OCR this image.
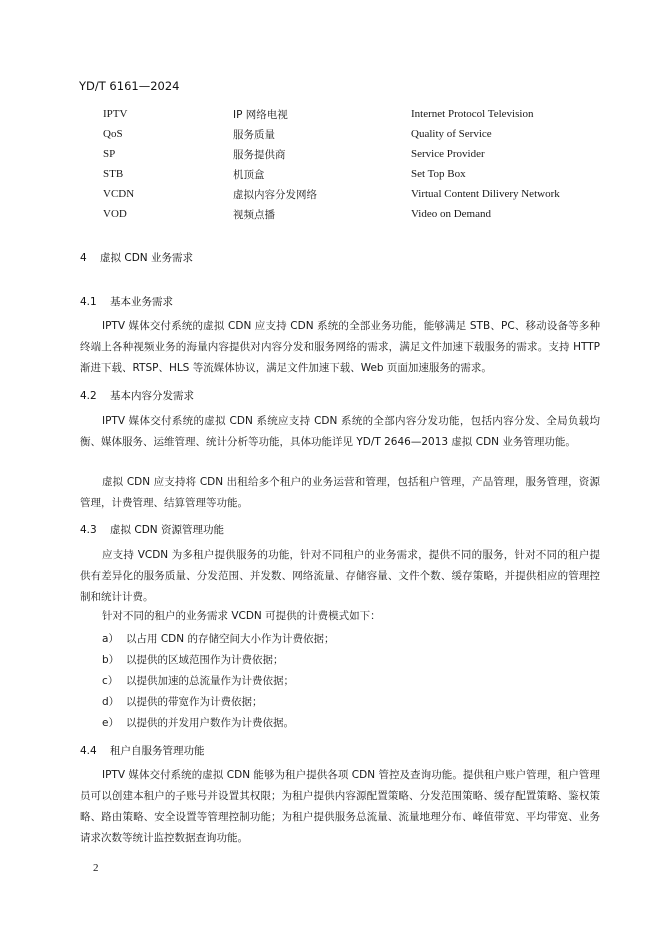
YD/T 6161—2024
IPTV	IP 网络电视	Internet Protocol Television
QoS	服务质量	Quality of Service
SP	服务提供商	Service Provider
STB	机顶盒	Set Top Box
VCDN	虚拟内容分发网络	Virtual Content Dilivery Network
VOD	视频点播	Video on Demand
4 虚拟 CDN 业务需求
4.1 基本业务需求

IPTV 媒体交付系统的虚拟 CDN 应支持 CDN 系统的全部业务功能，能够满足 STB、PC、移动设备等多种终端上各种视频业务的海量内容提供对内容分发和服务网络的需求，满足文件加速下载服务的需求。支持 HTTP 渐进下载、RTSP、HLS 等流媒体协议，满足文件加速下载、Web 页面加速服务的需求。

4.2 基本内容分发需求

IPTV 媒体交付系统的虚拟 CDN 系统应支持 CDN 系统的全部内容分发功能，包括内容分发、全局负载均衡、媒体服务、运维管理、统计分析等功能，具体功能详见 YD/T 2646—2013 虚拟 CDN 业务管理功能。

虚拟 CDN 应支持将 CDN 出租给多个租户的业务运营和管理，包括租户管理，产品管理，服务管理，资源管理，计费管理、结算管理等功能。

4.3 虚拟 CDN 资源管理功能

应支持 VCDN 为多租户提供服务的功能，针对不同租户的业务需求，提供不同的服务，针对不同的租户提供有差异化的服务质量、分发范围、并发数、网络流量、存储容量、文件个数、缓存策略，并提供相应的管理控制和统计计费。

针对不同的租户的业务需求 VCDN 可提供的计费模式如下：

a） 以占用 CDN 的存储空间大小作为计费依据；
b） 以提供的区域范围作为计费依据；
c） 以提供加速的总流量作为计费依据；
d） 以提供的带宽作为计费依据；
e） 以提供的并发用户数作为计费依据。
4.4 租户自服务管理功能

IPTV 媒体交付系统的虚拟 CDN 能够为租户提供各项 CDN 管控及查询功能。提供租户账户管理，租户管理员可以创建本租户的子账号并设置其权限；为租户提供内容源配置策略、分发范围策略、缓存配置策略、鉴权策略、路由策略、安全设置等管理控制功能；为租户提供服务总流量、流量地理分布、峰值带宽、平均带宽、业务请求次数等统计监控数据查询功能。

2
